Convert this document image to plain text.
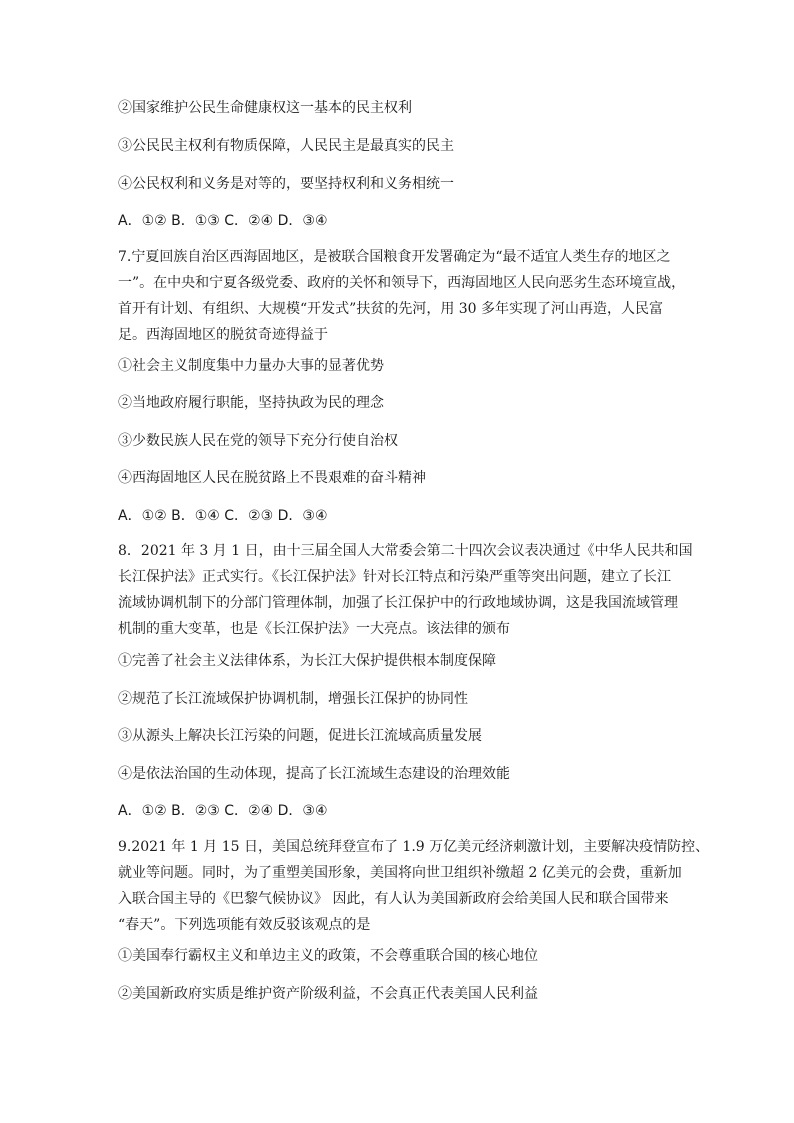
②国家维护公民生命健康权这一基本的民主权利
③公民民主权利有物质保障，人民民主是最真实的民主
④公民权利和义务是对等的，要坚持权利和义务相统一
A．①② B．①③ C．②④ D．③④

7.宁夏回族自治区西海固地区，是被联合国粮食开发署确定为“最不适宜人类生存的地区之

一”。在中央和宁夏各级党委、政府的关怀和领导下，西海固地区人民向恶劣生态环境宣战，

首开有计划、有组织、大规模“开发式”扶贫的先河，用 30 多年实现了河山再造，人民富

足。西海固地区的脱贫奇迹得益于

①社会主义制度集中力量办大事的显著优势
②当地政府履行职能，坚持执政为民的理念
③少数民族人民在党的领导下充分行使自治权
④西海固地区人民在脱贫路上不畏艰难的奋斗精神
A．①② B．①④ C．②③ D．③④

8．2021 年 3 月 1 日，由十三届全国人大常委会第二十四次会议表决通过《中华人民共和国

长江保护法》正式实行。《长江保护法》针对长江特点和污染严重等突出问题，建立了长江

流域协调机制下的分部门管理体制，加强了长江保护中的行政地域协调，这是我国流域管理

机制的重大变革，也是《长江保护法》一大亮点。该法律的颁布

①完善了社会主义法律体系，为长江大保护提供根本制度保障
②规范了长江流域保护协调机制，增强长江保护的协同性
③从源头上解决长江污染的问题，促进长江流域高质量发展
④是依法治国的生动体现，提高了长江流域生态建设的治理效能
A．①② B．②③ C．②④ D．③④

9.2021 年 1 月 15 日，美国总统拜登宣布了 1.9 万亿美元经济刺激计划，主要解决疫情防控、

就业等问题。同时，为了重塑美国形象，美国将向世卫组织补缴超 2 亿美元的会费，重新加

入联合国主导的《巴黎气候协议》 因此，有人认为美国新政府会给美国人民和联合国带来

“春天”。下列选项能有效反驳该观点的是

①美国奉行霸权主义和单边主义的政策，不会尊重联合国的核心地位
②美国新政府实质是维护资产阶级利益，不会真正代表美国人民利益
